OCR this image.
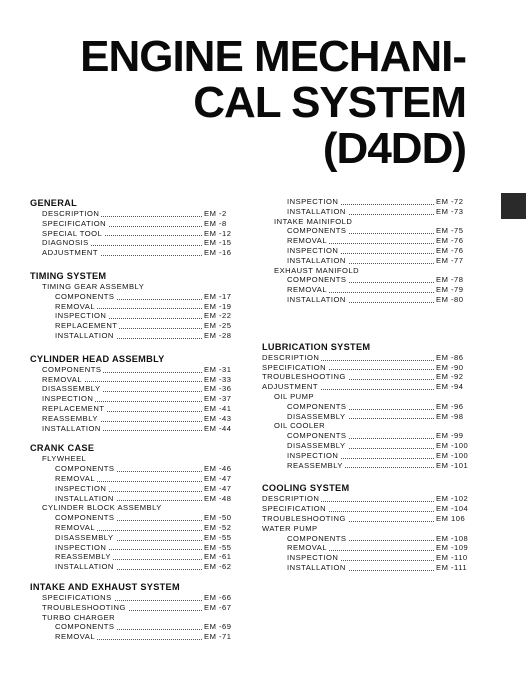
ENGINE MECHANI-
CAL SYSTEM
(D4DD)
GENERAL
DESCRIPTION	EM -2
SPECIFICATION	EM -8
SPECIAL TOOL	EM -12
DIAGNOSIS	EM -15
ADJUSTMENT	EM -16
TIMING SYSTEM
TIMING GEAR ASSEMBLY
COMPONENTS	EM -17
REMOVAL	EM -19
INSPECTION	EM -22
REPLACEMENT	EM -25
INSTALLATION	EM -28
CYLINDER HEAD ASSEMBLY
COMPONENTS	EM -31
REMOVAL	EM -33
DISASSEMBLY	EM -36
INSPECTION	EM -37
REPLACEMENT	EM -41
REASSEMBLY	EM -43
INSTALLATION	EM -44
CRANK CASE
FLYWHEEL
COMPONENTS	EM -46
REMOVAL	EM -47
INSPECTION	EM -47
INSTALLATION	EM -48
CYLINDER BLOCK ASSEMBLY
COMPONENTS	EM -50
REMOVAL	EM -52
DISASSEMBLY	EM -55
INSPECTION	EM -55
REASSEMBLY	EM -61
INSTALLATION	EM -62
INTAKE AND EXHAUST SYSTEM
SPECIFICATIONS	EM -66
TROUBLESHOOTING	EM -67
TURBO CHARGER
COMPONENTS	EM -69
REMOVAL	EM -71
INSPECTION	EM -72
INSTALLATION	EM -73
INTAKE MAINIFOLD
COMPONENTS	EM -75
REMOVAL	EM -76
INSPECTION	EM -76
INSTALLATION	EM -77
EXHAUST MANIFOLD
COMPONENTS	EM -78
REMOVAL	EM -79
INSTALLATION	EM -80
LUBRICATION SYSTEM
DESCRIPTION	EM -86
SPECIFICATION	EM -90
TROUBLESHOOTING	EM -92
ADJUSTMENT	EM -94
OIL PUMP
COMPONENTS	EM -96
DISASSEMBLY	EM -98
OIL COOLER
COMPONENTS	EM -99
DISASSEMBLY	EM -100
INSPECTION	EM -100
REASSEMBLY	EM -101
COOLING SYSTEM
DESCRIPTION	EM -102
SPECIFICATION	EM -104
TROUBLESHOOTING	EM 106
WATER PUMP
COMPONENTS	EM -108
REMOVAL	EM -109
INSPECTION	EM -110
INSTALLATION	EM -111
